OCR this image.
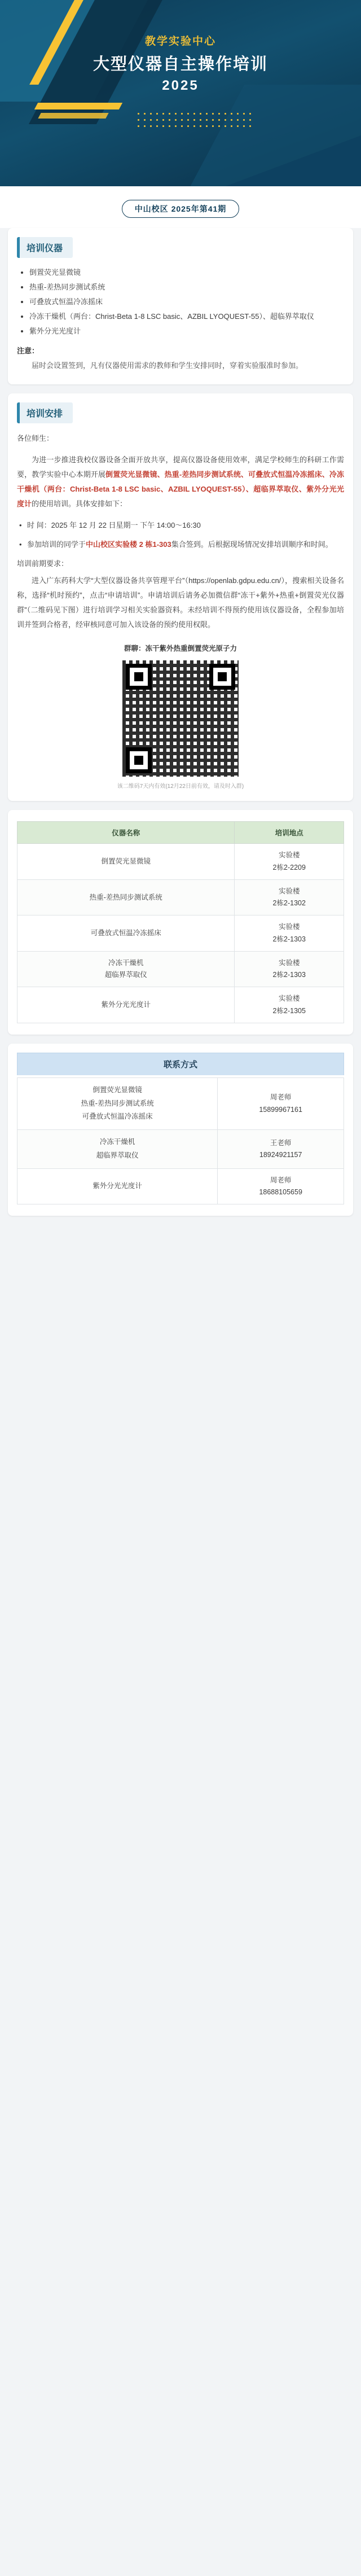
教学实验中心
大型仪器自主操作培训
2025
中山校区 2025年第41期
培训仪器
• 倒置荧光显微镜
• 热重-差热同步测试系统
• 可叠放式恒温冷冻摇床
• 冷冻干燥机（两台：Christ-Beta 1-8 LSC basic、AZBIL LYOQUEST-55）、超临界萃取仪
• 紫外分光光度计
注意：
届时会设置签到，凡有仪器使用需求的教师和学生安排同时，穿着实验服准时参加。
培训安排
各位师生：
为进一步推进我校仪器设备全面开放共享，提高仪器设备使用效率，满足学校师生的科研工作需要，教学实验中心本期开展倒置荧光显微镜、热重-差热同步测试系统、可叠放式恒温冷冻摇床、冷冻干燥机（两台：Christ-Beta 1-8 LSC basic、AZBIL LYOQUEST-55）、超临界萃取仪、紫外分光光度计的使用培训。具体安排如下：
• 时 间：2025 年 12 月 22 日星期一 下午 14:00～16:30
• 参加培训的同学于中山校区实验楼 2 栋1-303集合签到。后根据现场情况安排培训顺序和时间。
培训前期要求：
进入广东药科大学“大型仪器设备共享管理平台”（https://openlab.gdpu.edu.cn/），搜索相关设备名称，选择“机时预约”，点击“申请培训”。申请培训后请务必加微信群“冻干+紫外+热重+倒置荧光仪器群”（二维码见下图）进行培训学习相关实验器资料。未经培训不得预约使用该仪器设备，全程参加培训并签到合格者，经审核同意可加入该设备的预约使用权限。
群聊：冻干紫外热重倒置荧光原子力
该二维码7天内有效(12月22日前有效，请及时入群)
仪器名称	培训地点
倒置荧光显微镜	实验楼
2栋2-2209
热重-差热同步测试系统	实验楼
2栋2-1302
可叠放式恒温冷冻摇床	实验楼
2栋2-1303
冷冻干燥机
超临界萃取仪	实验楼
2栋2-1303
紫外分光光度计	实验楼
2栋2-1305
联系方式
倒置荧光显微镜
热重-差热同步测试系统
可叠放式恒温冷冻摇床	周老师
15899967161
冷冻干燥机
超临界萃取仪	王老师
18924921157
紫外分光光度计	周老师
18688105659
